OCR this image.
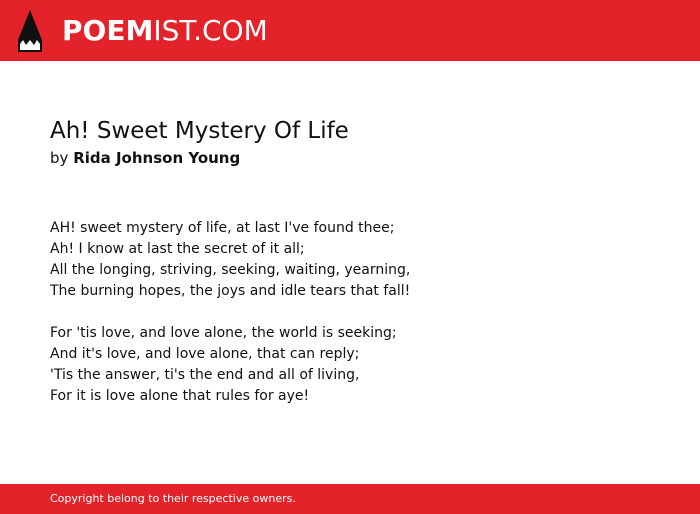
POEMIST.COM
Ah! Sweet Mystery Of Life
by Rida Johnson Young

AH! sweet mystery of life, at last I've found thee;
Ah! I know at last the secret of it all;
All the longing, striving, seeking, waiting, yearning,
The burning hopes, the joys and idle tears that fall!

For 'tis love, and love alone, the world is seeking;
And it's love, and love alone, that can reply;
'Tis the answer, ti's the end and all of living,
For it is love alone that rules for aye!

Copyright belong to their respective owners.
